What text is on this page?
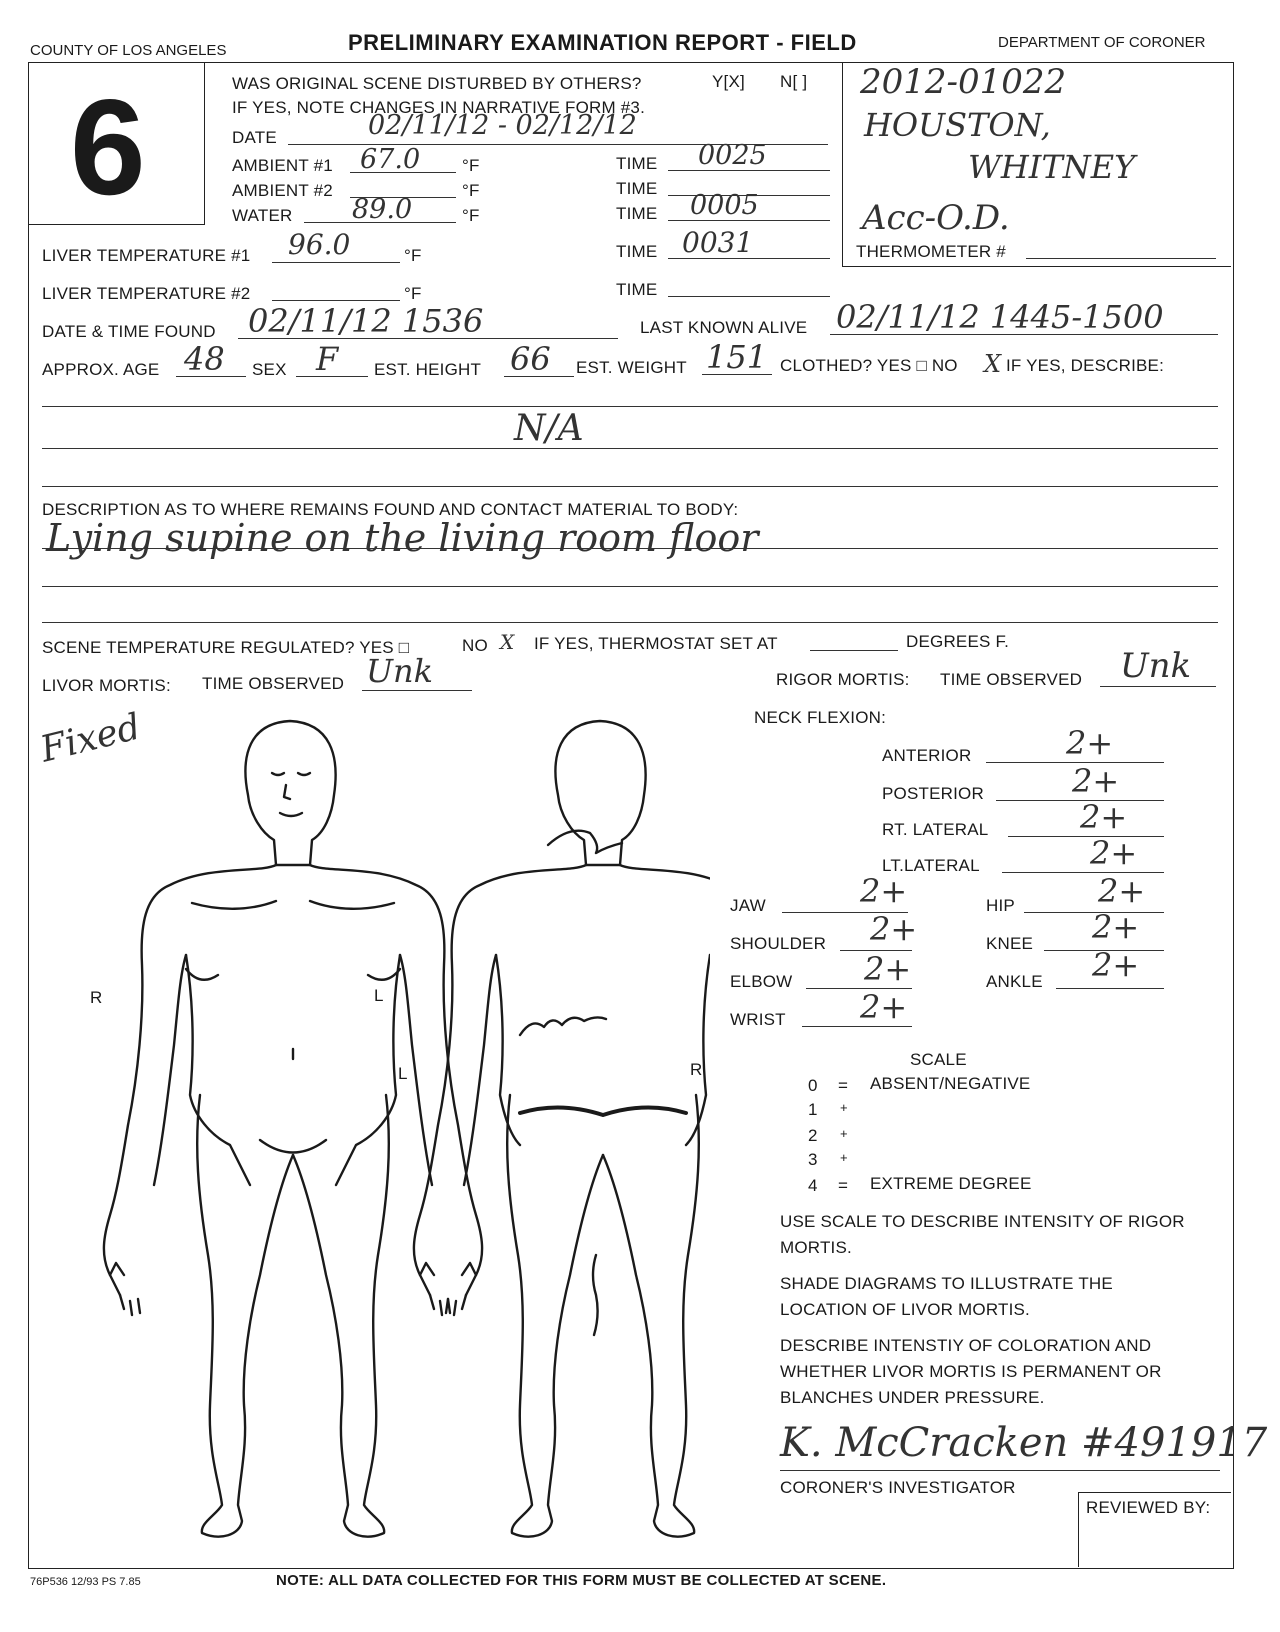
COUNTY OF LOS ANGELES	PRELIMINARY EXAMINATION REPORT - FIELD	DEPARTMENT OF CORONER
6	2012-01022
HOUSTON,
WHITNEY
Acc-O.D.
THERMOMETER #
WAS ORIGINAL SCENE DISTURBED BY OTHERS?	Y[X] N[ ]
IF YES, NOTE CHANGES IN NARRATIVE FORM #3.
DATE	02/11/12 - 02/12/12
AMBIENT #1 67.0 °F	TIME 0025
AMBIENT #2	°F	TIME
WATER 89.0	°F	TIME 0005
LIVER TEMPERATURE #1 96.0	°F	TIME 0031
LIVER TEMPERATURE #2	°F	TIME
DATE & TIME FOUND 02/11/12 1536	LAST KNOWN ALIVE 02/11/12 1445-1500
APPROX. AGE 48 SEX F EST. HEIGHT 66 EST. WEIGHT 151 CLOTHED? YES □ NO X IF YES, DESCRIBE:
N/A
DESCRIPTION AS TO WHERE REMAINS FOUND AND CONTACT MATERIAL TO BODY:
Lying supine on the living room floor
SCENE TEMPERATURE REGULATED? YES □	NO X IF YES, THERMOSTAT SET AT	DEGREES F.
LIVOR MORTIS: TIME OBSERVED Unk
Fixed
RIGOR MORTIS: TIME OBSERVED Unk
NECK FLEXION:
ANTERIOR	2+
POSTERIOR	2+
RT. LATERAL	2+
LT.LATERAL	2+
JAW	2+
SHOULDER 2+
ELBOW 2+
WRIST 2+
HIP	2+
KNEE 2+
ANKLE 2+
SCALE
0 = ABSENT/NEGATIVE
1 +
2 +
3 +
4 = EXTREME DEGREE
USE SCALE TO DESCRIBE INTENSITY OF RIGOR
MORTIS.
SHADE DIAGRAMS TO ILLUSTRATE THE
LOCATION OF LIVOR MORTIS.
DESCRIBE INTENSTIY OF COLORATION AND
WHETHER LIVOR MORTIS IS PERMANENT OR
BLANCHES UNDER PRESSURE.
K. McCracken #491917
CORONER'S INVESTIGATOR
REVIEWED BY:
76P536 12/93 PS 7.85	NOTE: ALL DATA COLLECTED FOR THIS FORM MUST BE COLLECTED AT SCENE.
R	L
L	R
